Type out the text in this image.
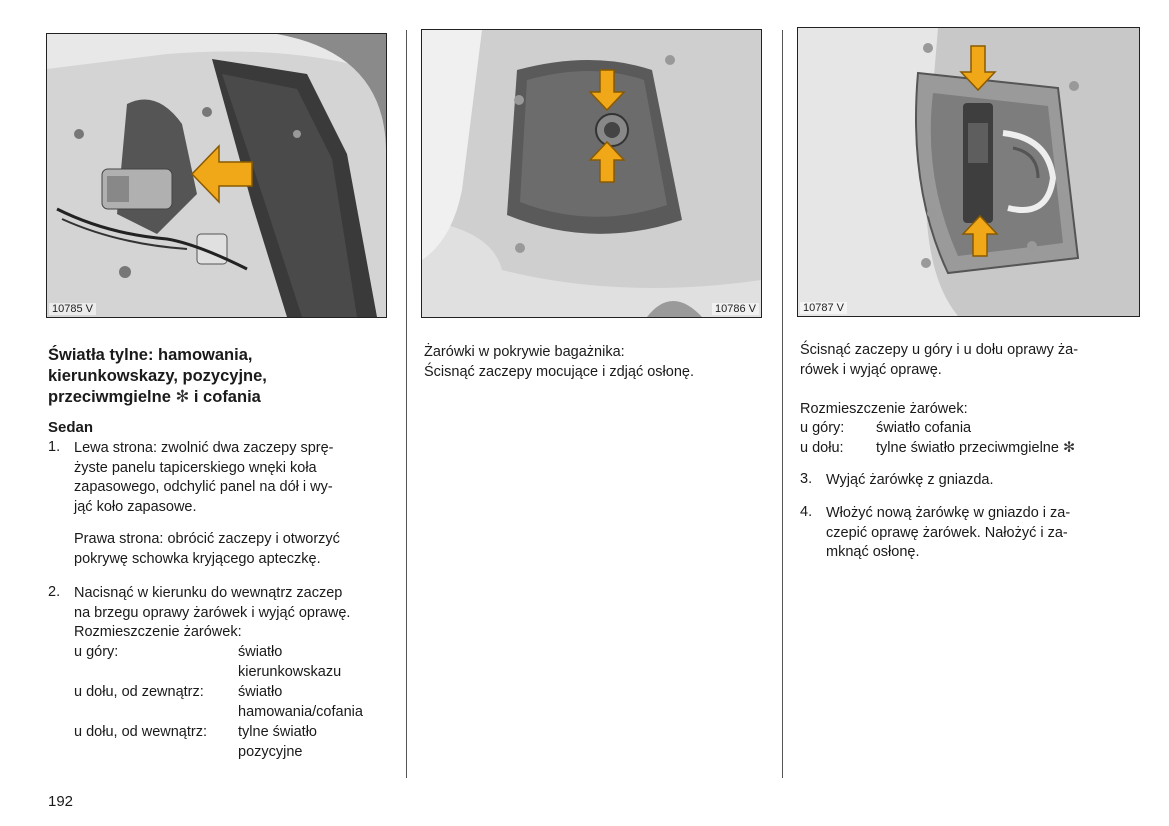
10785 V	10786 V	10787 V
Światła tylne: hamowania,
kierunkowskazy, pozycyjne,
przeciwmgielne ✻ i cofania
Sedan
1. Lewa strona: zwolnić dwa zaczepy sprę-
żyste panelu tapicerskiego wnęki koła
zapasowego, odchylić panel na dół i wy-
jąć koło zapasowe.

Prawa strona: obrócić zaczepy i otworzyć
pokrywę schowka kryjącego apteczkę.

2. Nacisnąć w kierunku do wewnątrz zaczep
na brzegu oprawy żarówek i wyjąć oprawę.
Rozmieszczenie żarówek:

u góry:	światło
kierunkowskazu

u dołu, od zewnątrz: światło
hamowania/cofania

u dołu, od wewnątrz: tylne światło
pozycyjne

Żarówki w pokrywie bagażnika:
Ścisnąć zaczepy mocujące i zdjąć osłonę.

Ścisnąć zaczepy u góry i u dołu oprawy ża-
rówek i wyjąć oprawę.

Rozmieszczenie żarówek:

u góry: światło cofania
u dołu: tylne światło przeciwmgielne ✻
3. Wyjąć żarówkę z gniazda.
4. Włożyć nową żarówkę w gniazdo i za-
czepić oprawę żarówek. Nałożyć i za-
mknąć osłonę.

192
